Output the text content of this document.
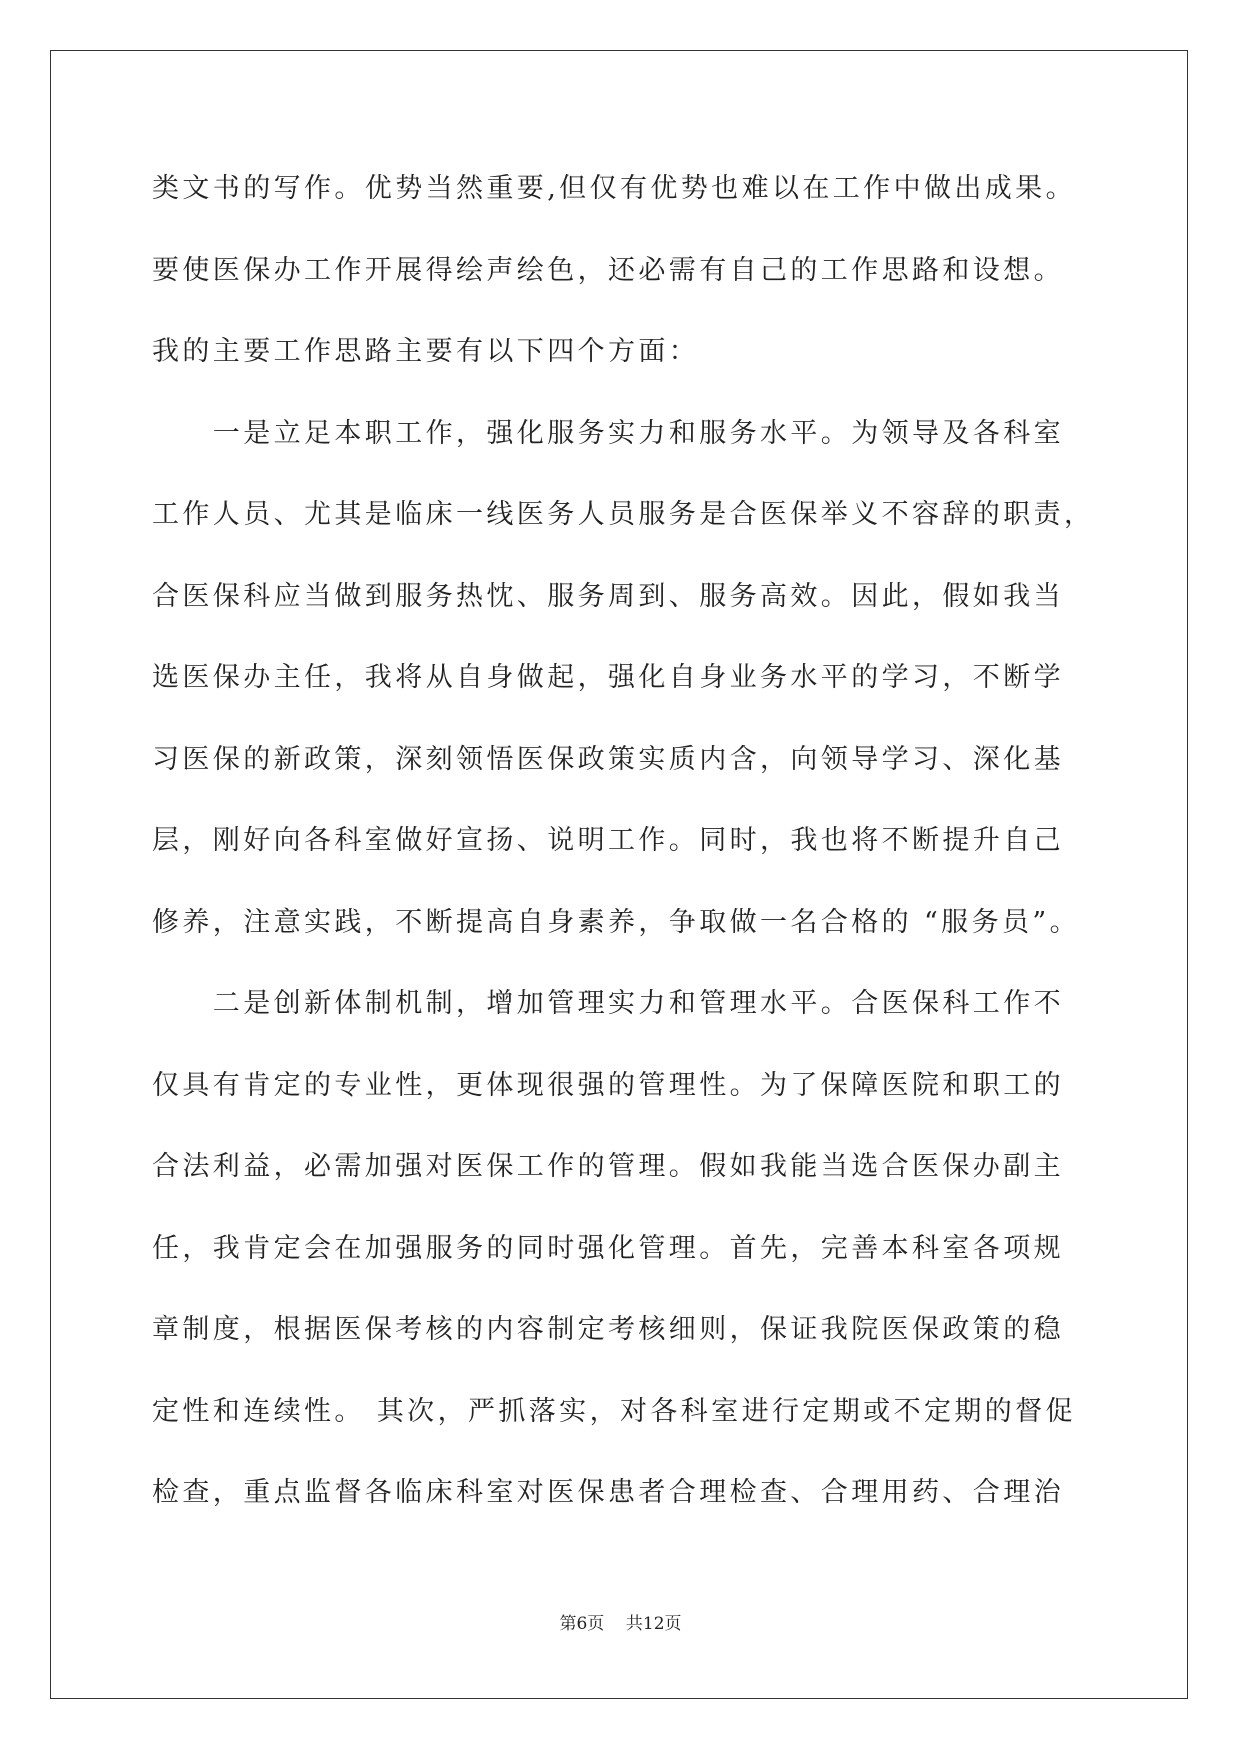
类文书的写作。优势当然重要,但仅有优势也难以在工作中做出成果。
要使医保办工作开展得绘声绘色，还必需有自己的工作思路和设想。
我的主要工作思路主要有以下四个方面：
　　一是立足本职工作，强化服务实力和服务水平。为领导及各科室
工作人员、尤其是临床一线医务人员服务是合医保举义不容辞的职责，
合医保科应当做到服务热忱、服务周到、服务高效。因此，假如我当
选医保办主任，我将从自身做起，强化自身业务水平的学习，不断学
习医保的新政策，深刻领悟医保政策实质内含，向领导学习、深化基
层，刚好向各科室做好宣扬、说明工作。同时，我也将不断提升自己
修养，注意实践，不断提高自身素养，争取做一名合格的 “服务员”。
　　二是创新体制机制，增加管理实力和管理水平。合医保科工作不
仅具有肯定的专业性，更体现很强的管理性。为了保障医院和职工的
合法利益，必需加强对医保工作的管理。假如我能当选合医保办副主
任，我肯定会在加强服务的同时强化管理。首先，完善本科室各项规
章制度，根据医保考核的内容制定考核细则，保证我院医保政策的稳
定性和连续性。 其次，严抓落实，对各科室进行定期或不定期的督促
检查，重点监督各临床科室对医保患者合理检查、合理用药、合理治
第6页 共12页
